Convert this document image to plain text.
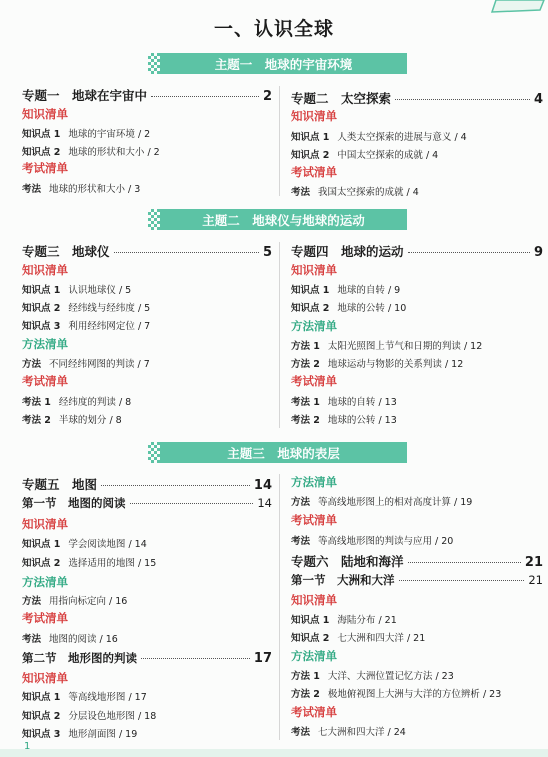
一、认识全球
主题一　地球的宇宙环境
专题一　地球在宇宙中	2
知识清单
知识点 1 地球的宇宙环境 / 2
知识点 2 地球的形状和大小 / 2
考试清单
考法 地球的形状和大小 / 3
专题二　太空探索	4
知识清单
知识点 1 人类太空探索的进展与意义 / 4
知识点 2 中国太空探索的成就 / 4
考试清单
考法 我国太空探索的成就 / 4
主题二　地球仪与地球的运动
专题三　地球仪	5
知识清单
知识点 1 认识地球仪 / 5
知识点 2 经纬线与经纬度 / 5
知识点 3 利用经纬网定位 / 7
方法清单
方法 不同经纬网图的判读 / 7
考试清单
考法 1 经纬度的判读 / 8
考法 2 半球的划分 / 8
专题四　地球的运动	9
知识清单
知识点 1 地球的自转 / 9
知识点 2 地球的公转 / 10
方法清单
方法 1 太阳光照图上节气和日期的判读 / 12
方法 2 地球运动与物影的关系判读 / 12
考试清单
考法 1 地球的自转 / 13
考法 2 地球的公转 / 13
主题三　地球的表层
专题五　地图	14
第一节　地图的阅读	14
知识清单
知识点 1 学会阅读地图 / 14
知识点 2 选择适用的地图 / 15
方法清单
方法 用指向标定向 / 16
考试清单
考法 地图的阅读 / 16
第二节　地形图的判读	17
知识清单
知识点 1 等高线地形图 / 17
知识点 2 分层设色地形图 / 18
知识点 3 地形剖面图 / 19
方法清单
方法 等高线地形图上的相对高度计算 / 19
考试清单
考法 等高线地形图的判读与应用 / 20
专题六　陆地和海洋	21
第一节　大洲和大洋	21
知识清单
知识点 1 海陆分布 / 21
知识点 2 七大洲和四大洋 / 21
方法清单
方法 1 大洋、大洲位置记忆方法 / 23
方法 2 极地俯视图上大洲与大洋的方位辨析 / 23
考试清单
考法 七大洲和四大洋 / 24
1
